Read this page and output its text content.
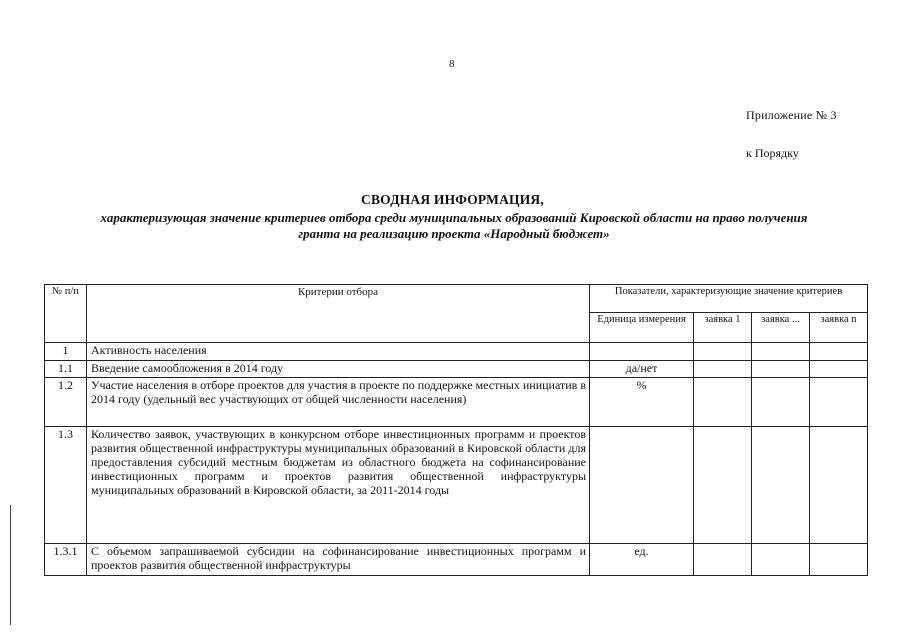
8
Приложение № 3
к Порядку
СВОДНАЯ ИНФОРМАЦИЯ,
характеризующая значение критериев отбора среди муниципальных образований Кировской области на право получения гранта на реализацию проекта «Народный бюджет»
№ п/п	Критерии отбора	Показатели, характеризующие значение критериев			
		Единица измерения	заявка 1	заявка ...	заявка n
1	Активность населения				
1.1	Введение самообложения в 2014 году	да/нет			
1.2	Участие населения в отборе проектов для участия в проекте по поддержке местных инициатив в 2014 году (удельный вес участвующих от общей численности населения)	%			
1.3	Количество заявок, участвующих в конкурсном отборе инвестиционных программ и проектов развития общественной инфраструктуры муниципальных образований в Кировской области для предоставления субсидий местным бюджетам из областного бюджета на софинансирование инвестиционных программ и проектов развития общественной инфраструктуры муниципальных образований в Кировской области, за 2011-2014 годы				
1.3.1	С объемом запрашиваемой субсидии на софинансирование инвестиционных программ и проектов развития общественной инфраструктуры	ед.			
